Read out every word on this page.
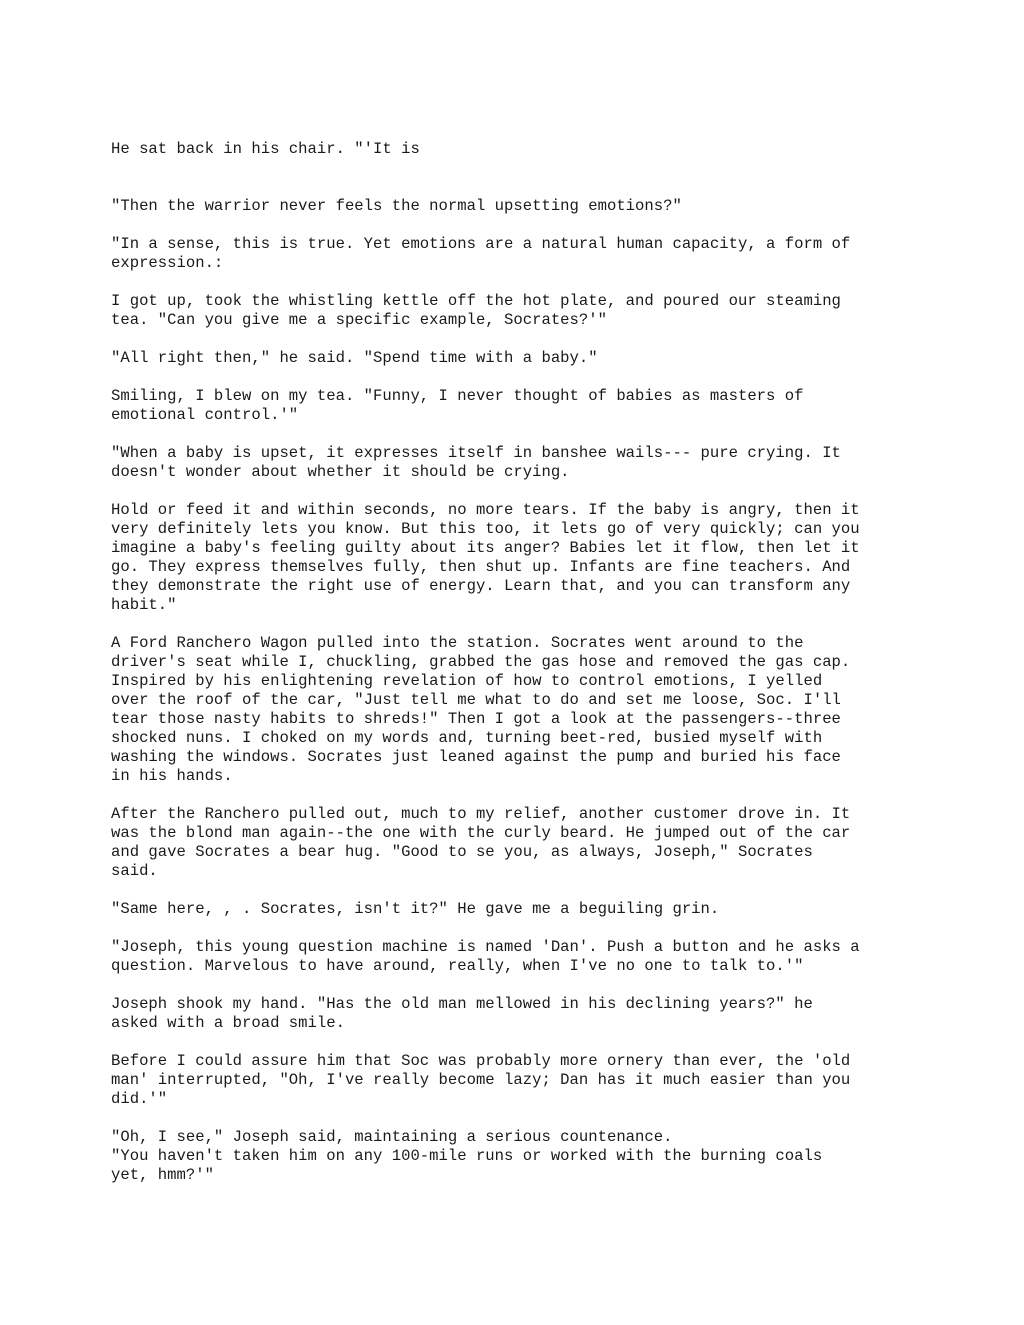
He sat back in his chair. "'It is

"Then the warrior never feels the normal upsetting emotions?"

"In a sense, this is true. Yet emotions are a natural human capacity, a form of
expression.:

I got up, took the whistling kettle off the hot plate, and poured our steaming
tea. "Can you give me a specific example, Socrates?'"

"All right then," he said. "Spend time with a baby."

Smiling, I blew on my tea. "Funny, I never thought of babies as masters of
emotional control.'"

"When a baby is upset, it expresses itself in banshee wails--- pure crying. It
doesn't wonder about whether it should be crying.

Hold or feed it and within seconds, no more tears. If the baby is angry, then it
very definitely lets you know. But this too, it lets go of very quickly; can you
imagine a baby's feeling guilty about its anger? Babies let it flow, then let it
go. They express themselves fully, then shut up. Infants are fine teachers. And
they demonstrate the right use of energy. Learn that, and you can transform any
habit."

A Ford Ranchero Wagon pulled into the station. Socrates went around to the
driver's seat while I, chuckling, grabbed the gas hose and removed the gas cap.
Inspired by his enlightening revelation of how to control emotions, I yelled
over the roof of the car, "Just tell me what to do and set me loose, Soc. I'll
tear those nasty habits to shreds!" Then I got a look at the passengers--three
shocked nuns. I choked on my words and, turning beet-red, busied myself with
washing the windows. Socrates just leaned against the pump and buried his face
in his hands.

After the Ranchero pulled out, much to my relief, another customer drove in. It
was the blond man again--the one with the curly beard. He jumped out of the car
and gave Socrates a bear hug. "Good to se you, as always, Joseph," Socrates
said.

"Same here, , . Socrates, isn't it?" He gave me a beguiling grin.

"Joseph, this young question machine is named 'Dan'. Push a button and he asks a
question. Marvelous to have around, really, when I've no one to talk to.'"

Joseph shook my hand. "Has the old man mellowed in his declining years?" he
asked with a broad smile.

Before I could assure him that Soc was probably more ornery than ever, the 'old
man' interrupted, "Oh, I've really become lazy; Dan has it much easier than you
did.'"

"Oh, I see," Joseph said, maintaining a serious countenance.

"You haven't taken him on any 100-mile runs or worked with the burning coals
yet, hmm?'"
